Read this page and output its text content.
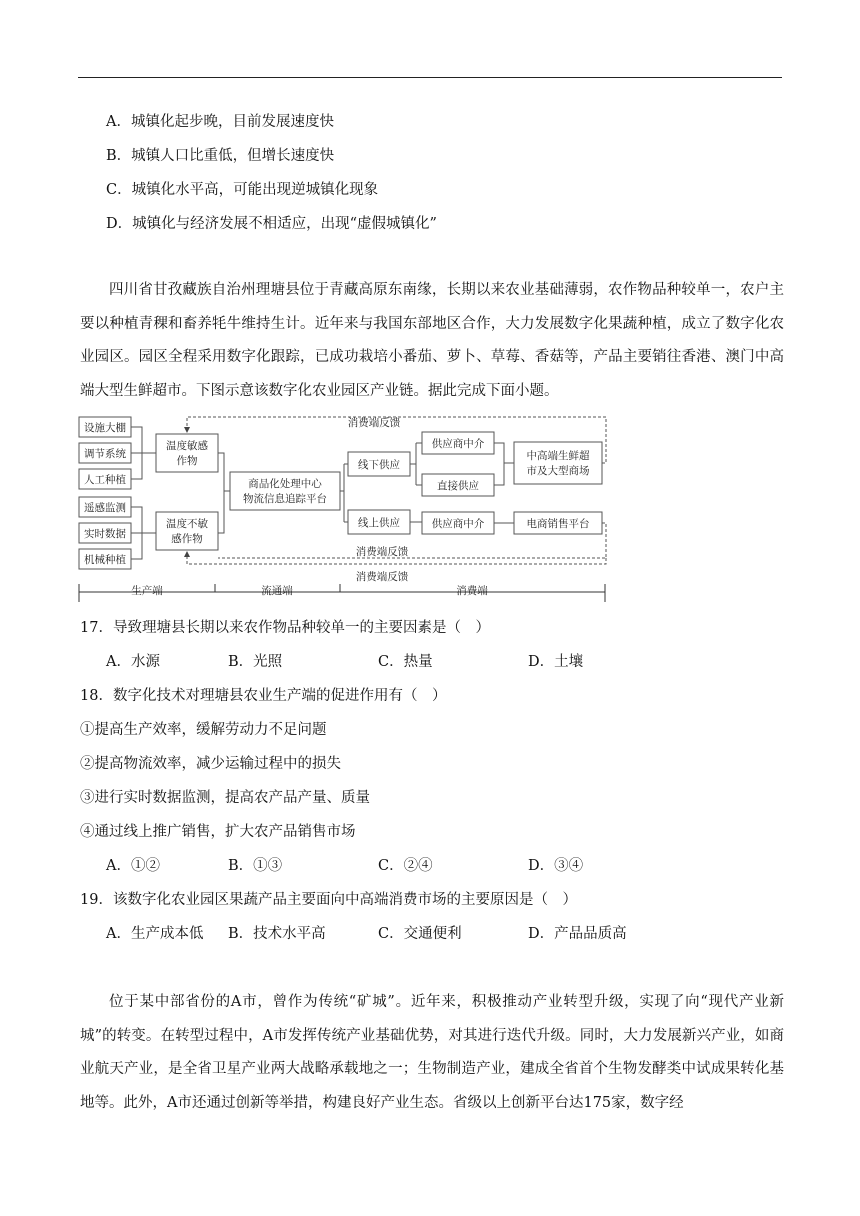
A．城镇化起步晚，目前发展速度快
B．城镇人口比重低，但增长速度快
C．城镇化水平高，可能出现逆城镇化现象
D．城镇化与经济发展不相适应，出现“虚假城镇化”

四川省甘孜藏族自治州理塘县位于青藏高原东南缘，长期以来农业基础薄弱，农作物品种较单一，农户主要以种植青稞和畜养牦牛维持生计。近年来与我国东部地区合作，大力发展数字化果蔬种植，成立了数字化农业园区。园区全程采用数字化跟踪，已成功栽培小番茄、萝卜、草莓、香菇等，产品主要销往香港、澳门中高端大型生鲜超市。下图示意该数字化农业园区产业链。据此完成下面小题。

设施大棚
调节系统
人工种植
遥感监测
实时数据
机械种植
温度敏感
作物
温度不敏
感作物
商品化处理中心
物流信息追踪平台
线下供应
线上供应
供应商中介
直接供应
供应商中介
中高端生鲜超
市及大型商场
电商销售平台
消费端反馈
消费端反馈
消费端反馈
生产端	流通端	消费端
17．导致理塘县长期以来农作物品种较单一的主要因素是（　）
A．水源	B．光照	C．热量	D．土壤
18．数字化技术对理塘县农业生产端的促进作用有（　）
①提高生产效率，缓解劳动力不足问题
②提高物流效率，减少运输过程中的损失
③进行实时数据监测，提高农产品产量、质量
④通过线上推广销售，扩大农产品销售市场
A．①②	B．①③	C．②④	D．③④
19．该数字化农业园区果蔬产品主要面向中高端消费市场的主要原因是（　）
A．生产成本低 B．技术水平高	C．交通便利	D．产品品质高

位于某中部省份的A市，曾作为传统“矿城”。近年来，积极推动产业转型升级，实现了向“现代产业新城”的转变。在转型过程中，A市发挥传统产业基础优势，对其进行迭代升级。同时，大力发展新兴产业，如商业航天产业，是全省卫星产业两大战略承载地之一；生物制造产业，建成全省首个生物发酵类中试成果转化基地等。此外，A市还通过创新等举措，构建良好产业生态。省级以上创新平台达175家，数字经
